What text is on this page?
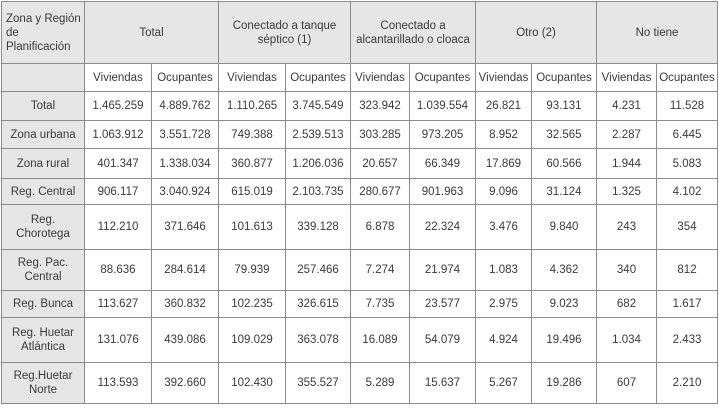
Zona y Región de Planificación	Total		Conectado a tanque séptico (1)		Conectado a alcantarillado o cloaca		Otro (2)		No tiene	
	Viviendas	Ocupantes	Viviendas	Ocupantes	Viviendas	Ocupantes	Viviendas	Ocupantes	Viviendas	Ocupantes
Total	1.465.259	4.889.762	1.110.265	3.745.549	323.942	1.039.554	26.821	93.131	4.231	11.528
Zona urbana	1.063.912	3.551.728	749.388	2.539.513	303.285	973.205	8.952	32.565	2.287	6.445
Zona rural	401.347	1.338.034	360.877	1.206.036	20.657	66.349	17.869	60.566	1.944	5.083
Reg. Central	906.117	3.040.924	615.019	2.103.735	280.677	901.963	9.096	31.124	1.325	4.102
Reg. Chorotega	112.210	371.646	101.613	339.128	6.878	22.324	3.476	9.840	243	354
Reg. Pac. Central	88.636	284.614	79.939	257.466	7.274	21.974	1.083	4.362	340	812
Reg. Bunca	113.627	360.832	102.235	326.615	7.735	23.577	2.975	9.023	682	1.617
Reg. Huetar Atlántica	131.076	439.086	109.029	363.078	16.089	54.079	4.924	19.496	1.034	2.433
Reg.Huetar Norte	113.593	392.660	102.430	355.527	5.289	15.637	5.267	19.286	607	2.210
